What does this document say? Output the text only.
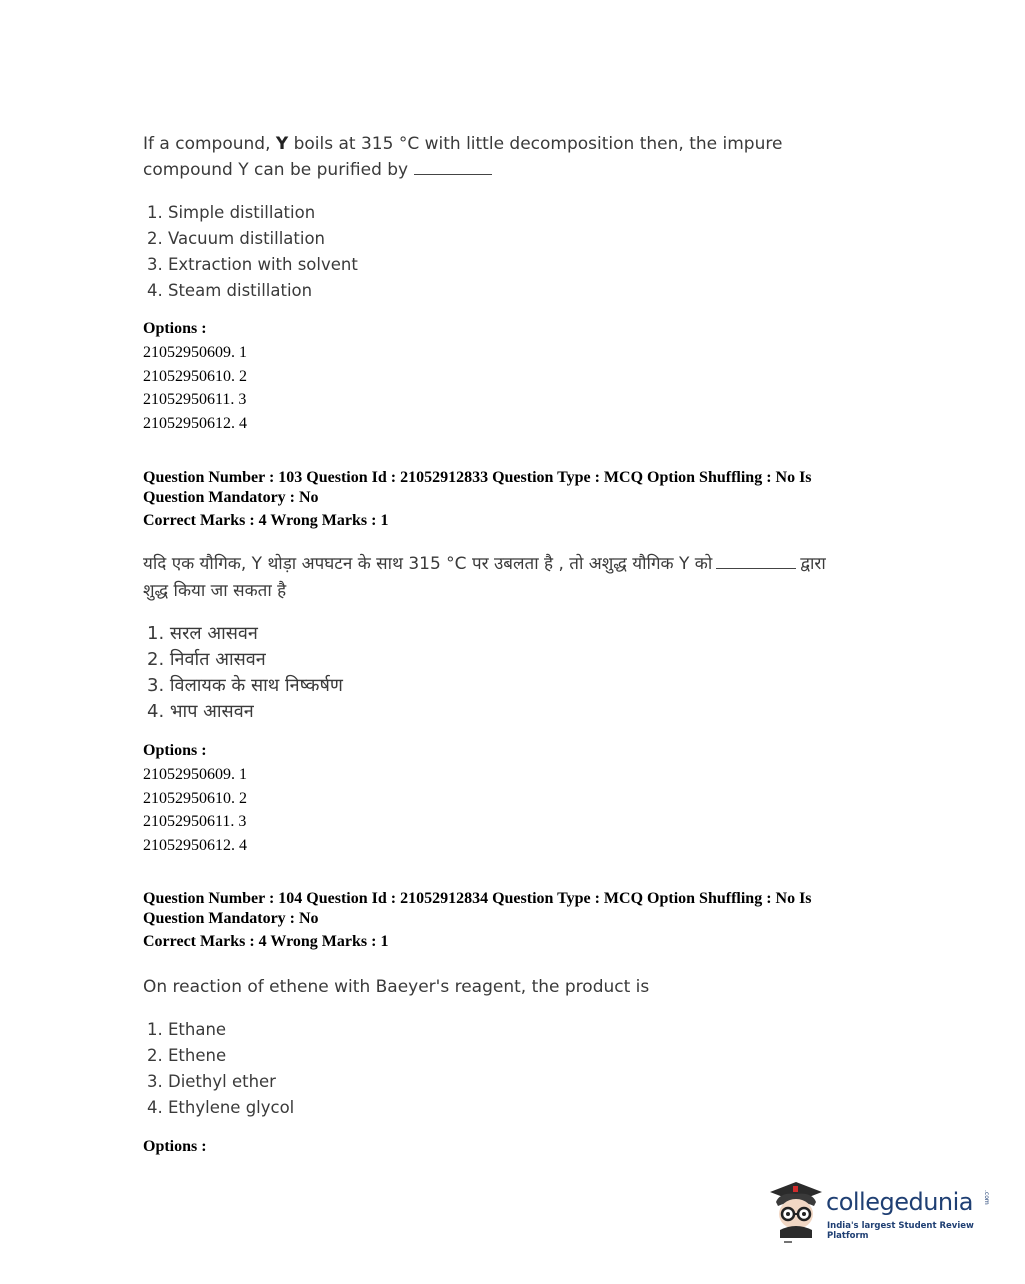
If a compound, Y boils at 315 °C with little decomposition then, the impure compound Y can be purified by
1. Simple distillation
2. Vacuum distillation
3. Extraction with solvent
4. Steam distillation
Options :
21052950609. 1
21052950610. 2
21052950611. 3
21052950612. 4
Question Number : 103 Question Id : 21052912833 Question Type : MCQ Option Shuffling : No Is
Question Mandatory : No
Correct Marks : 4 Wrong Marks : 1
यदि एक यौगिक, Y थोड़ा अपघटन के साथ 315 °C पर उबलता है , तो अशुद्ध यौगिक Y को	द्वारा
शुद्ध किया जा सकता है
1. सरल आसवन
2. निर्वात आसवन
3. विलायक के साथ निष्कर्षण
4. भाप आसवन
Options :
21052950609. 1
21052950610. 2
21052950611. 3
21052950612. 4
Question Number : 104 Question Id : 21052912834 Question Type : MCQ Option Shuffling : No Is
Question Mandatory : No
Correct Marks : 4 Wrong Marks : 1
On reaction of ethene with Baeyer's reagent, the product is
1. Ethane
2. Ethene
3. Diethyl ether
4. Ethylene glycol
Options :
collegedunia .com
India's largest Student Review Platform
